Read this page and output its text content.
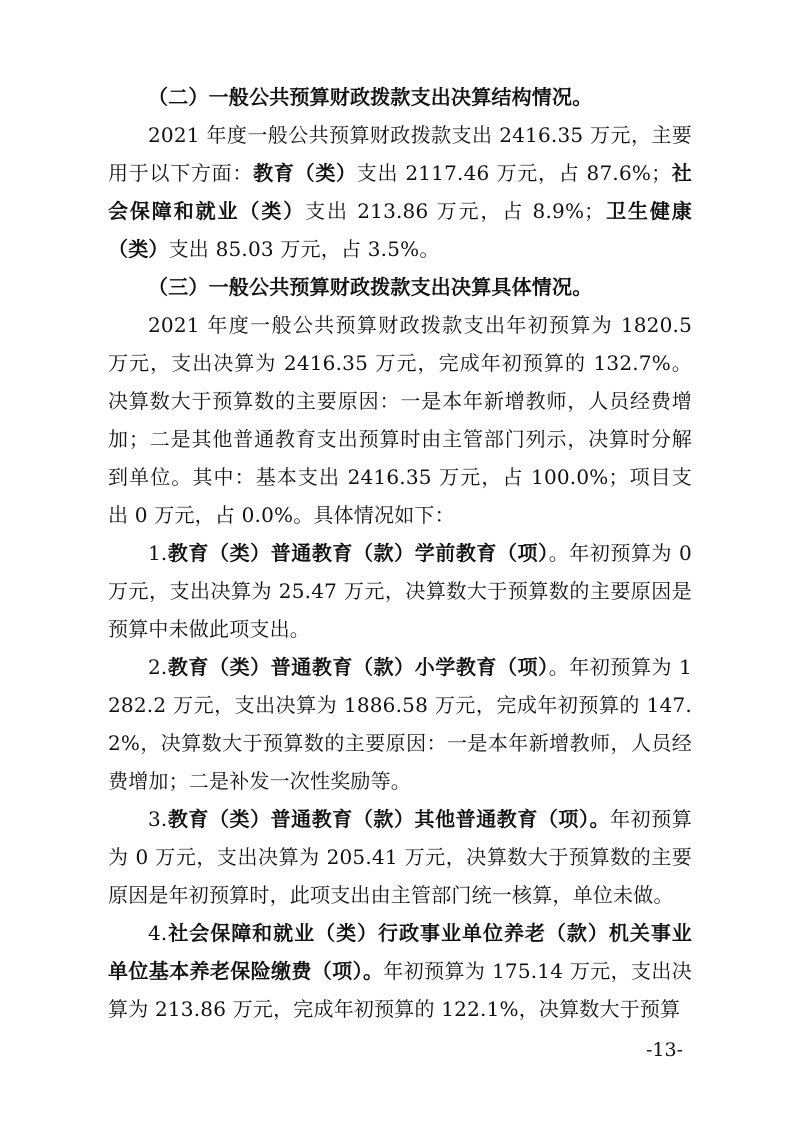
（二）一般公共预算财政拨款支出决算结构情况。

2021 年度一般公共预算财政拨款支出 2416.35 万元，主要用于以下方面：教育（类）支出 2117.46 万元，占 87.6%；社会保障和就业（类）支出 213.86 万元，占 8.9%；卫生健康（类）支出 85.03 万元，占 3.5%。

（三）一般公共预算财政拨款支出决算具体情况。

2021 年度一般公共预算财政拨款支出年初预算为 1820.5 万元，支出决算为 2416.35 万元，完成年初预算的 132.7%。决算数大于预算数的主要原因：一是本年新增教师，人员经费增加；二是其他普通教育支出预算时由主管部门列示，决算时分解到单位。其中：基本支出 2416.35 万元，占 100.0%；项目支出 0 万元，占 0.0%。具体情况如下：

1.教育（类）普通教育（款）学前教育（项）。年初预算为 0 万元，支出决算为 25.47 万元，决算数大于预算数的主要原因是预算中未做此项支出。

2.教育（类）普通教育（款）小学教育（项）。年初预算为 1282.2 万元，支出决算为 1886.58 万元，完成年初预算的 147.2%，决算数大于预算数的主要原因：一是本年新增教师，人员经费增加；二是补发一次性奖励等。

3.教育（类）普通教育（款）其他普通教育（项）。年初预算为 0 万元，支出决算为 205.41 万元，决算数大于预算数的主要原因是年初预算时，此项支出由主管部门统一核算，单位未做。

4.社会保障和就业（类）行政事业单位养老（款）机关事业单位基本养老保险缴费（项）。年初预算为 175.14 万元，支出决算为 213.86 万元，完成年初预算的 122.1%，决算数大于预算

-13-
